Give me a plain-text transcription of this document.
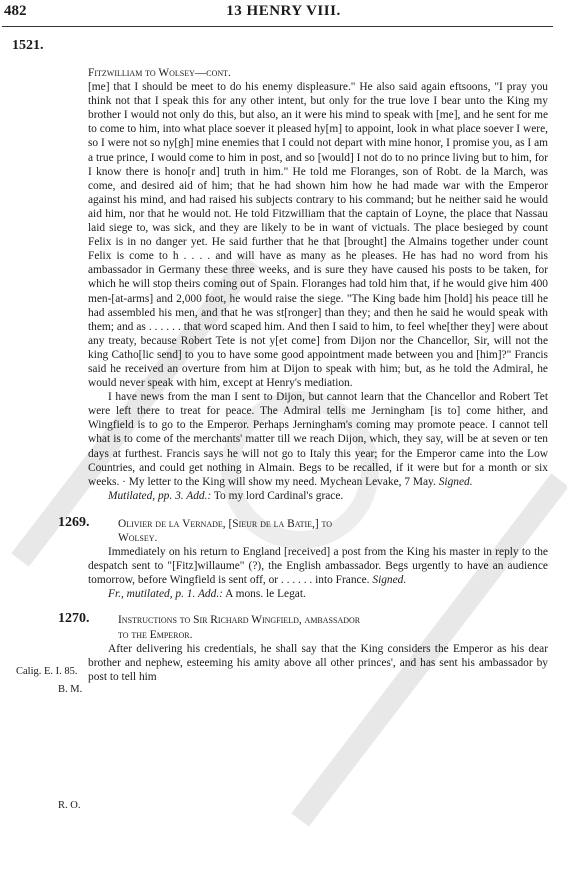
482	13 HENRY VIII.
1521.
Calig. E. I. 85.
B. M.
R. O.

Fitzwilliam to Wolsey—cont.

[me] that I should be meet to do his enemy displeasure." He also said again eftsoons, "I pray you think not that I speak this for any other intent, but only for the true love I bear unto the King my brother I would not only do this, but also, an it were his mind to speak with [me], and he sent for me to come to him, into what place soever it pleased hy[m] to appoint, look in what place soever I were, so I were not so ny[gh] mine enemies that I could not depart with mine honor, I promise you, as I am a true prince, I would come to him in post, and so [would] I not do to no prince living but to him, for I know there is hono[r and] truth in him." He told me Floranges, son of Robt. de la March, was come, and desired aid of him; that he had shown him how he had made war with the Emperor against his mind, and had raised his subjects contrary to his command; but he neither said he would aid him, nor that he would not. He told Fitzwilliam that the captain of Loyne, the place that Nassau laid siege to, was sick, and they are likely to be in want of victuals. The place besieged by count Felix is in no danger yet. He said further that he that [brought] the Almains together under count Felix is come to h . . . . and will have as many as he pleases. He has had no word from his ambassador in Germany these three weeks, and is sure they have caused his posts to be taken, for which he will stop theirs coming out of Spain. Floranges had told him that, if he would give him 400 men-[at-arms] and 2,000 foot, he would raise the siege. "The King bade him [hold] his peace till he had assembled his men, and that he was st[ronger] than they; and then he said he would speak with them; and as . . . . . . that word scaped him. And then I said to him, to feel whe[ther they] were about any treaty, because Robert Tete is not y[et come] from Dijon nor the Chancellor, Sir, will not the king Catho[lic send] to you to have some good appointment made between you and [him]?" Francis said he received an overture from him at Dijon to speak with him; but, as he told the Admiral, he would never speak with him, except at Henry's mediation.

I have news from the man I sent to Dijon, but cannot learn that the Chancellor and Robert Tet were left there to treat for peace. The Admiral tells me Jerningham [is to] come hither, and Wingfield is to go to the Emperor. Perhaps Jerningham's coming may promote peace. I cannot tell what is to come of the merchants' matter till we reach Dijon, which, they say, will be at seven or ten days at furthest. Francis says he will not go to Italy this year; for the Emperor came into the Low Countries, and could get nothing in Almain. Begs to be recalled, if it were but for a month or six weeks. · My letter to the King will show my need. Mychean Levake, 7 May. Signed.

Mutilated, pp. 3. Add.: To my lord Cardinal's grace.

1269.	Olivier de la Vernade, [Sieur de la Batie,] to
Wolsey.

Immediately on his return to England [received] a post from the King his master in reply to the despatch sent to "[Fitz]willaume" (?), the English ambassador. Begs urgently to have an audience tomorrow, before Wingfield is sent off, or . . . . . . into France. Signed.

Fr., mutilated, p. 1. Add.: A mons. le Legat.

1270.	Instructions to Sir Richard Wingfield, ambassador
to the Emperor.

After delivering his credentials, he shall say that the King considers the Emperor as his dear brother and nephew, esteeming his amity above all other princes', and has sent his ambassador by post to tell him
